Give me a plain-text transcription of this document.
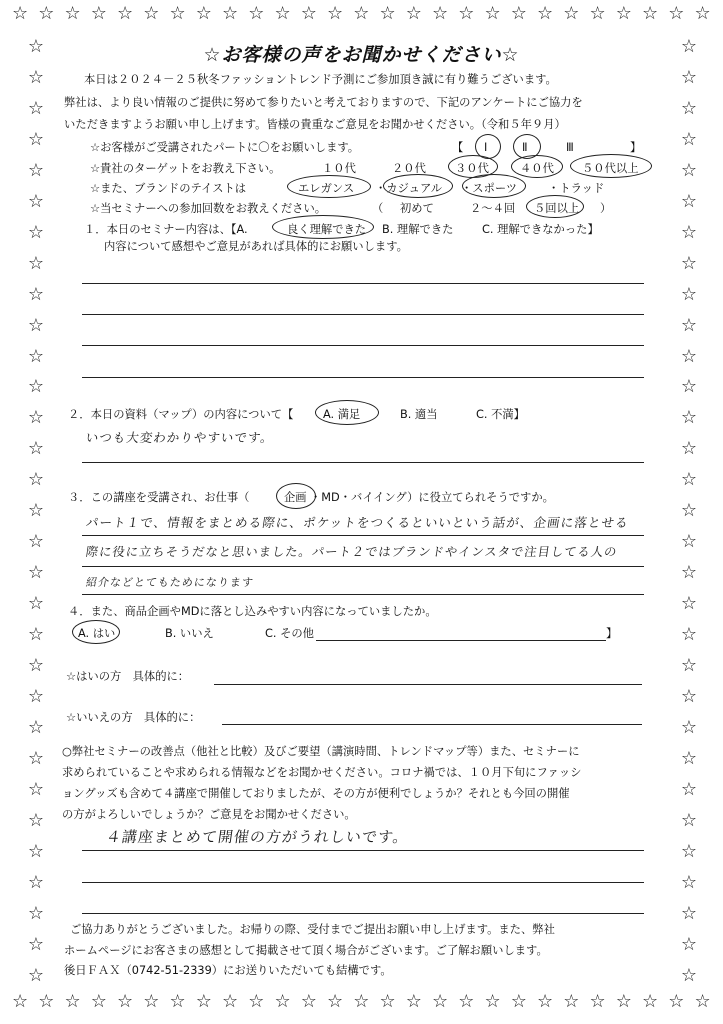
☆ ☆ ☆ ☆ ☆ ☆ ☆ ☆ ☆ ☆ ☆ ☆ ☆ ☆ ☆ ☆ ☆ ☆ ☆ ☆ ☆ ☆ ☆ ☆ ☆ ☆ ☆
☆ ☆ ☆ ☆ ☆ ☆ ☆ ☆ ☆ ☆ ☆ ☆ ☆ ☆ ☆ ☆ ☆ ☆ ☆ ☆ ☆ ☆ ☆ ☆ ☆ ☆ ☆
☆
☆
☆
☆
☆
☆
☆
☆
☆
☆
☆
☆
☆
☆
☆
☆
☆
☆
☆
☆
☆
☆
☆
☆
☆
☆
☆
☆
☆
☆
☆
☆
☆
☆
☆
☆
☆
☆
☆
☆
☆
☆
☆
☆
☆
☆
☆
☆
☆
☆
☆
☆
☆
☆
☆
☆
☆
☆
☆
☆
☆
☆
☆お客様の声をお聞かせください☆
本日は２０２４－２５秋冬ファッショントレンド予測にご参加頂き誠に有り難うございます。
弊社は、より良い情報のご提供に努めて参りたいと考えておりますので、下記のアンケートにご協力を
いただきますようお願い申し上げます。皆様の貴重なご意見をお聞かせください。（令和５年９月）
☆お客様がご受講されたパートに〇をお願いします。	【 Ⅰ	Ⅱ	Ⅲ	】
☆貴社のターゲットをお教え下さい。	１０代	２０代	３０代	４０代 ５０代以上
☆また、ブランドのテイストは	エレガンス ・カジュアル ・スポーツ	・トラッド
☆当セミナーへの参加回数をお教えください。	（ 初めて	２～４回 ５回以上 ）
１．本日のセミナー内容は、【A.	良く理解できた B. 理解できた	C. 理解できなかった】
内容について感想やご意見があれば具体的にお願いします。
２．本日の資料（マップ）の内容について【	A. 満足	B. 適当	C. 不満】
いつも大変わかりやすいです。
３．この講座を受講され、お仕事（	企画 ・MD・バイイング）に役立てられそうですか。
パート１で、情報をまとめる際に、ポケットをつくるといいという話が、企画に落とせる
際に役に立ちそうだなと思いました。パート２ではブランドやインスタで注目してる人の
紹介などとてもためになります
４．また、商品企画やMDに落とし込みやすい内容になっていましたか。
A. はい	B. いいえ	C. その他	】
☆はいの方　具体的に：
☆いいえの方　具体的に：
○弊社セミナーの改善点（他社と比較）及びご要望（講演時間、トレンドマップ等）また、セミナーに
求められていることや求められる情報などをお聞かせください。コロナ禍では、１０月下旬にファッシ
ョングッズも含めて４講座で開催しておりましたが、その方が便利でしょうか？それとも今回の開催
の方がよろしいでしょうか？ご意見をお聞かせください。
４講座まとめて開催の方がうれしいです。
ご協力ありがとうございました。お帰りの際、受付までご提出お願い申し上げます。また、弊社
ホームページにお客さまの感想として掲載させて頂く場合がございます。ご了解お願いします。
後日ＦＡＸ（0742-51-2339）にお送りいただいても結構です。
